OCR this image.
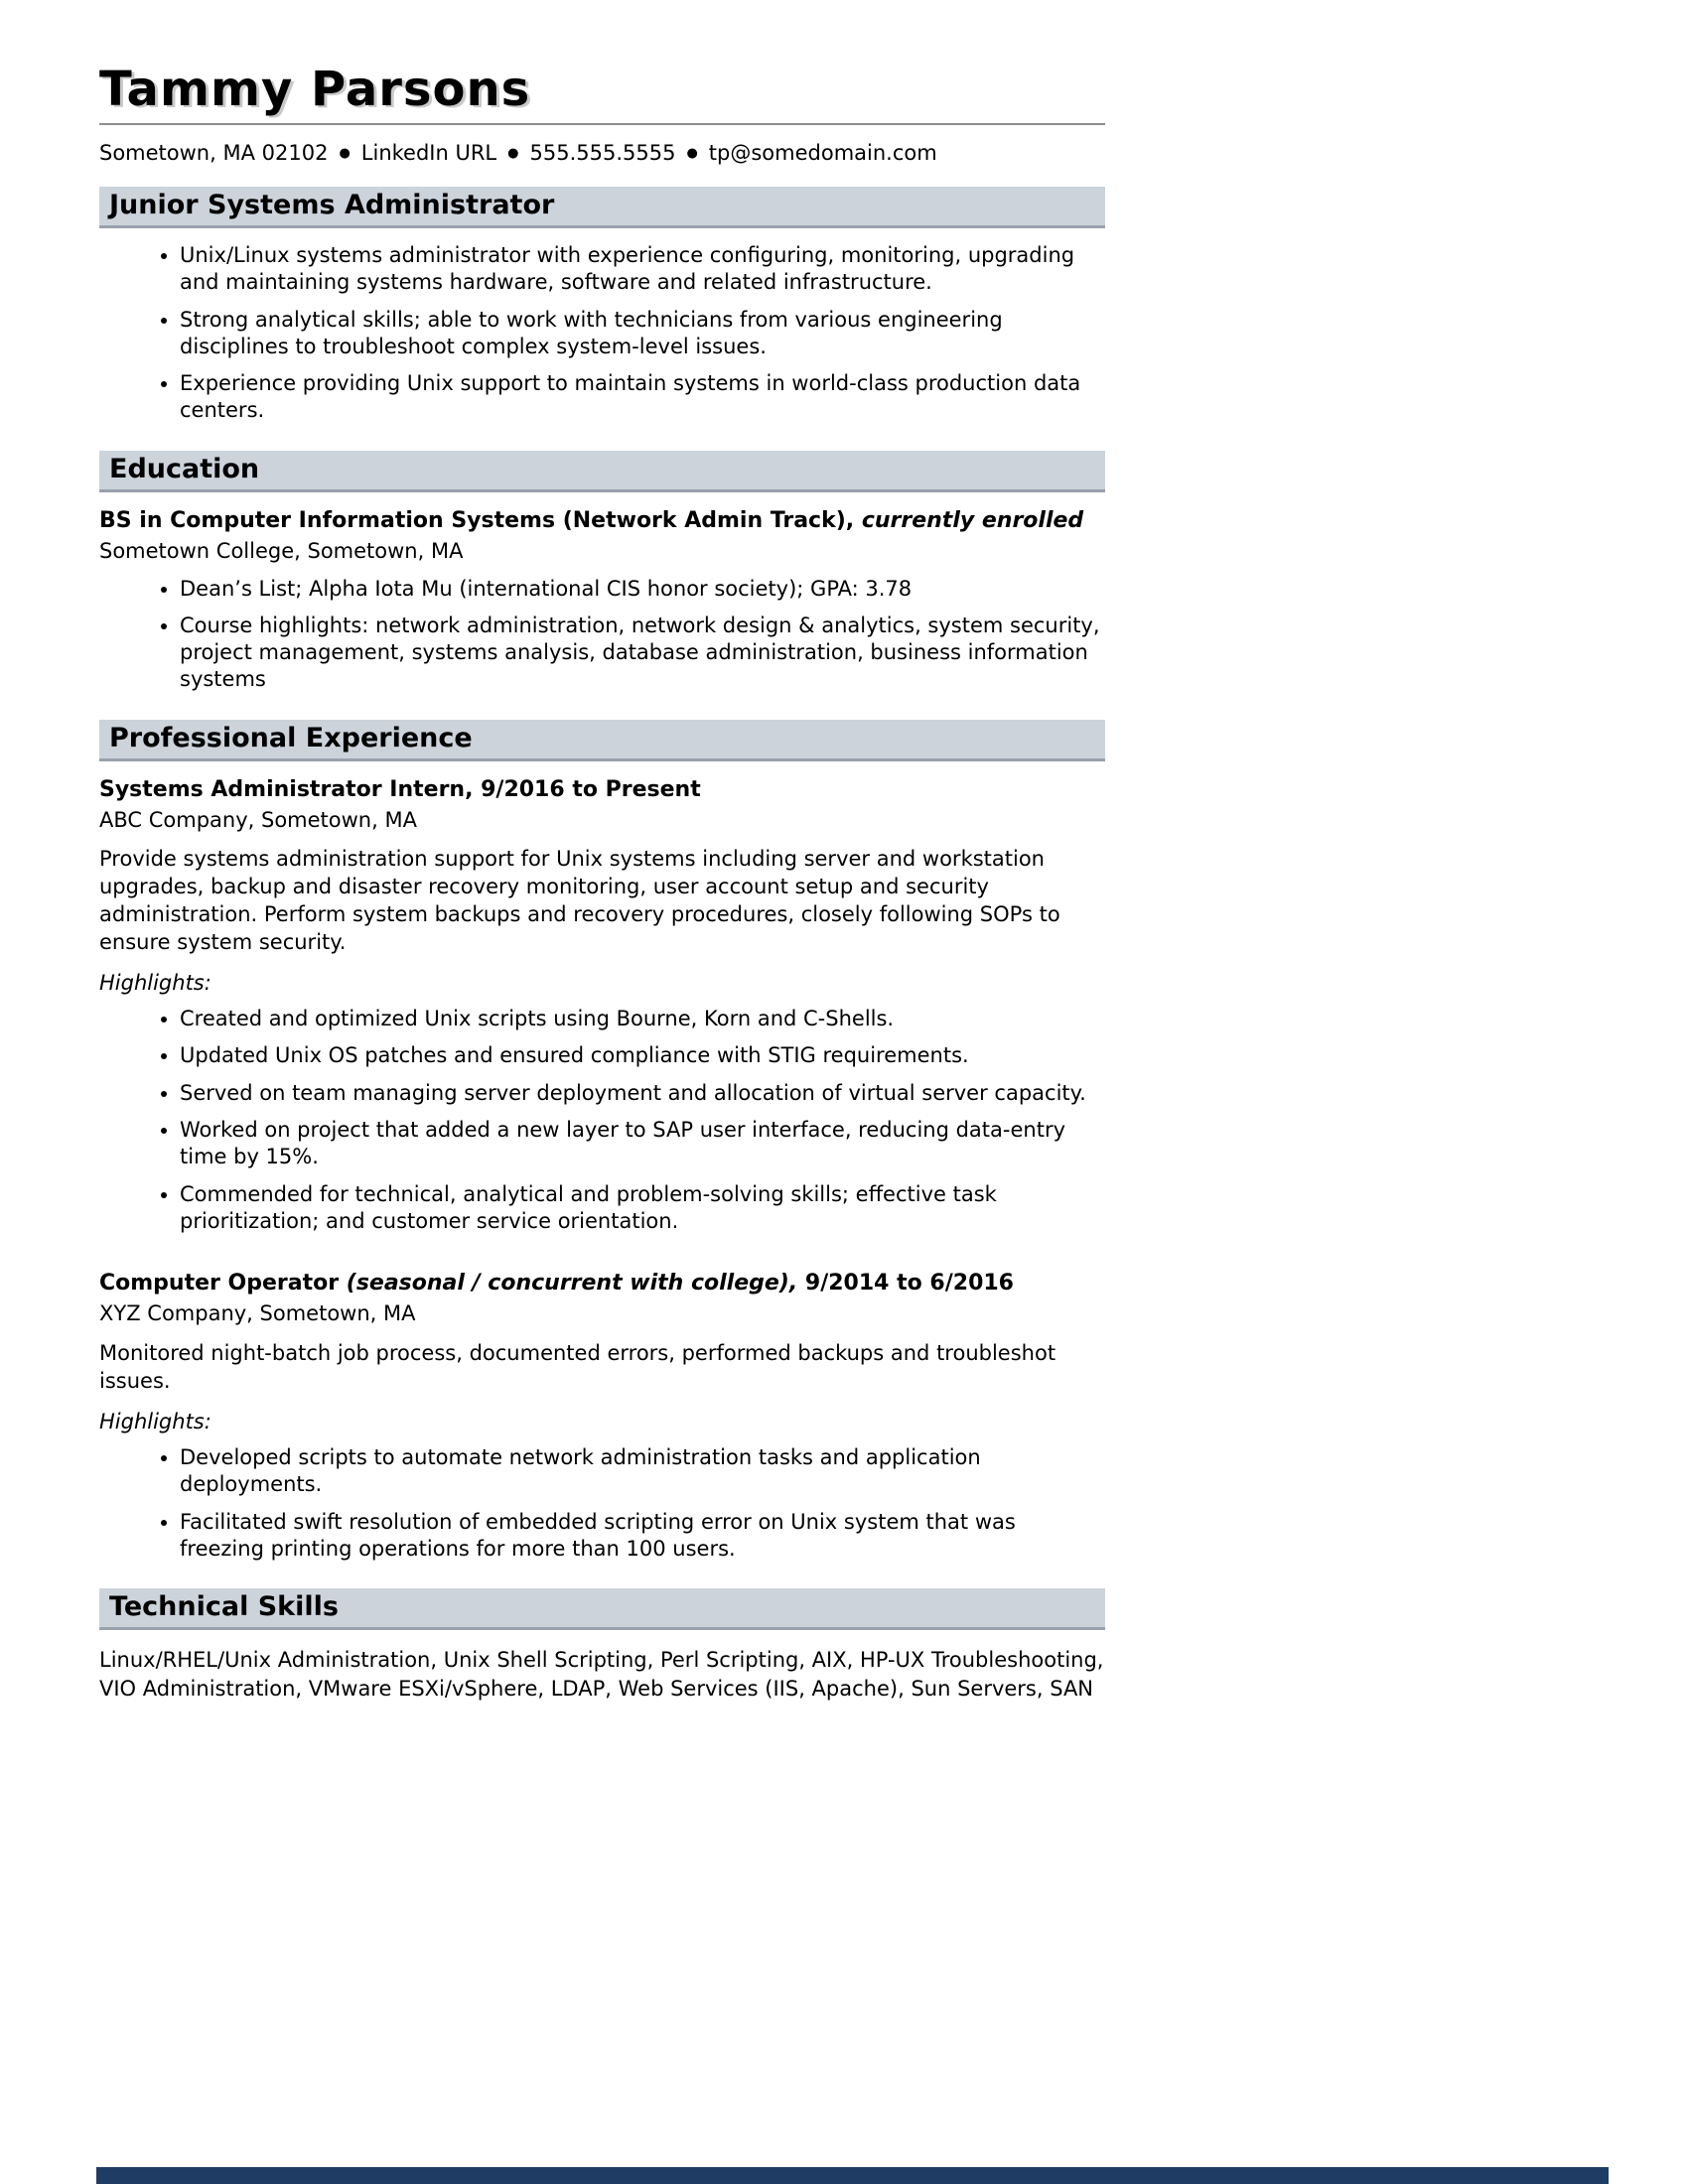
Tammy Parsons
Sometown, MA 02102 ● LinkedIn URL ● 555.555.5555 ● tp@somedomain.com
Junior Systems Administrator
• Unix/Linux systems administrator with experience configuring, monitoring, upgrading and maintaining systems hardware, software and related infrastructure.
• Strong analytical skills; able to work with technicians from various engineering disciplines to troubleshoot complex system-level issues.
• Experience providing Unix support to maintain systems in world-class production data centers.
Education

BS in Computer Information Systems (Network Admin Track), currently enrolled

Sometown College, Sometown, MA

• Dean’s List; Alpha Iota Mu (international CIS honor society); GPA: 3.78
• Course highlights: network administration, network design & analytics, system security, project management, systems analysis, database administration, business information systems
Professional Experience

Systems Administrator Intern, 9/2016 to Present

ABC Company, Sometown, MA

Provide systems administration support for Unix systems including server and workstation upgrades, backup and disaster recovery monitoring, user account setup and security administration. Perform system backups and recovery procedures, closely following SOPs to ensure system security.

Highlights:

• Created and optimized Unix scripts using Bourne, Korn and C-Shells.
• Updated Unix OS patches and ensured compliance with STIG requirements.
• Served on team managing server deployment and allocation of virtual server capacity.
• Worked on project that added a new layer to SAP user interface, reducing data-entry time by 15%.
• Commended for technical, analytical and problem-solving skills; effective task prioritization; and customer service orientation.

Computer Operator (seasonal / concurrent with college), 9/2014 to 6/2016

XYZ Company, Sometown, MA

Monitored night-batch job process, documented errors, performed backups and troubleshot issues.

Highlights:

• Developed scripts to automate network administration tasks and application deployments.
• Facilitated swift resolution of embedded scripting error on Unix system that was freezing printing operations for more than 100 users.
Technical Skills

Linux/RHEL/Unix Administration, Unix Shell Scripting, Perl Scripting, AIX, HP-UX Troubleshooting, VIO Administration, VMware ESXi/vSphere, LDAP, Web Services (IIS, Apache), Sun Servers, SAN
